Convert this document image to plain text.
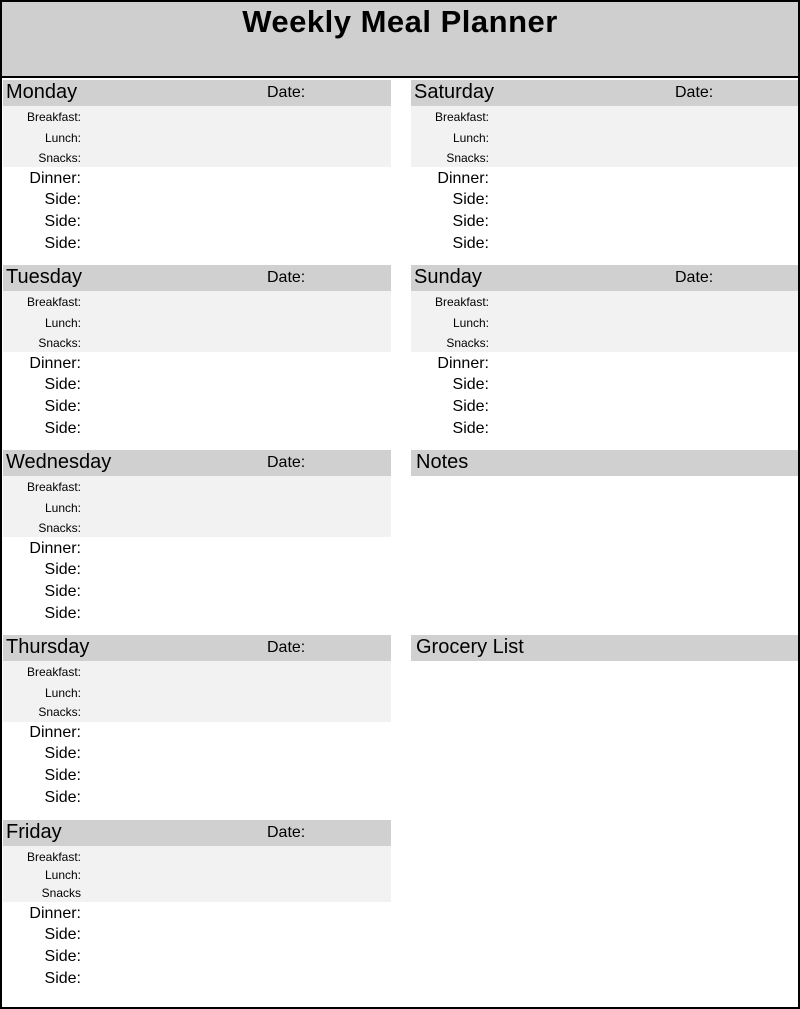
Weekly Meal Planner
Monday	Date:
Breakfast:
Lunch:
Snacks:
Dinner:
Side:
Side:
Side:
Tuesday	Date:
Breakfast:
Lunch:
Snacks:
Dinner:
Side:
Side:
Side:
Wednesday	Date:
Breakfast:
Lunch:
Snacks:
Dinner:
Side:
Side:
Side:
Thursday	Date:
Breakfast:
Lunch:
Snacks:
Dinner:
Side:
Side:
Side:
Friday	Date:
Breakfast:
Lunch:
Snacks
Dinner:
Side:
Side:
Side:
Saturday	Date:
Breakfast:
Lunch:
Snacks:
Dinner:
Side:
Side:
Side:
Sunday	Date:
Breakfast:
Lunch:
Snacks:
Dinner:
Side:
Side:
Side:
Notes
Grocery List
